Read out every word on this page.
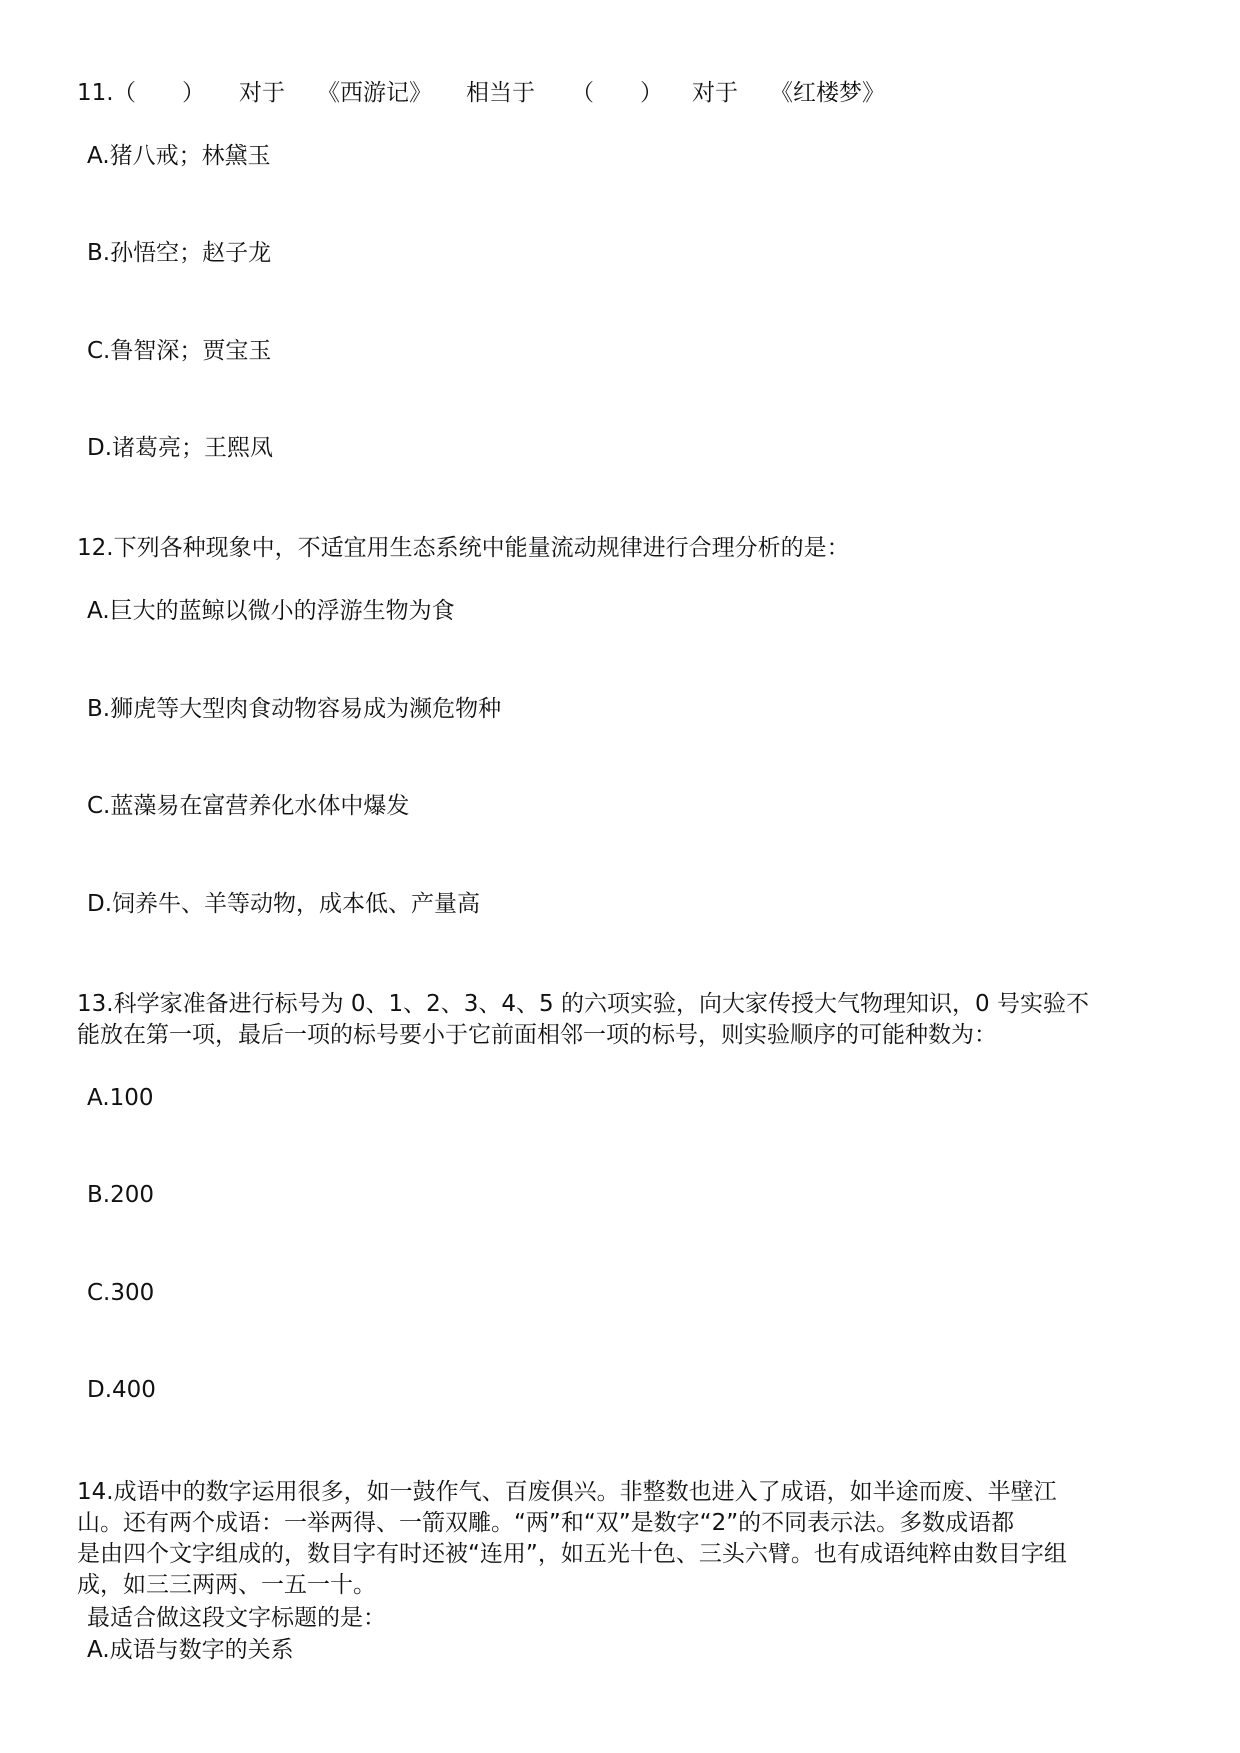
11. （　　） 对于 《西游记》 相当于 （　　） 对于 《红楼梦》
A.猪八戒；林黛玉
B.孙悟空；赵子龙
C.鲁智深；贾宝玉
D.诸葛亮；王熙凤
12.下列各种现象中，不适宜用生态系统中能量流动规律进行合理分析的是：
A.巨大的蓝鲸以微小的浮游生物为食
B.狮虎等大型肉食动物容易成为濒危物种
C.蓝藻易在富营养化水体中爆发
D.饲养牛、羊等动物，成本低、产量高
13.科学家准备进行标号为 0、1、2、3、4、5 的六项实验，向大家传授大气物理知识，0 号实验不
能放在第一项，最后一项的标号要小于它前面相邻一项的标号，则实验顺序的可能种数为：
A.100
B.200
C.300
D.400
14.成语中的数字运用很多，如一鼓作气、百废俱兴。非整数也进入了成语，如半途而废、半壁江
山。还有两个成语：一举两得、一箭双雕。“两”和“双”是数字“2”的不同表示法。多数成语都
是由四个文字组成的，数目字有时还被“连用”，如五光十色、三头六臂。也有成语纯粹由数目字组
成，如三三两两、一五一十。
最适合做这段文字标题的是：
A.成语与数字的关系
